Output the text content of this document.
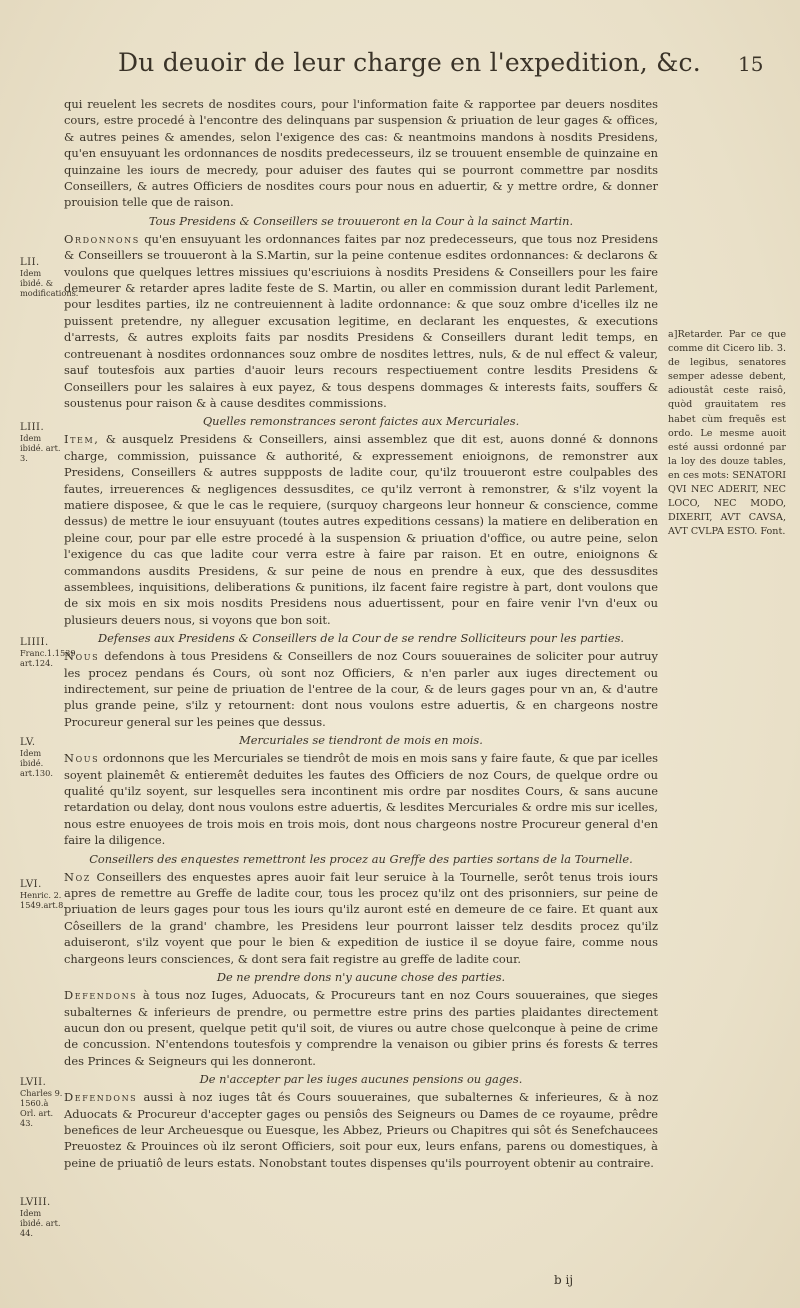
Du deuoir de leur charge en l'expedition, &c. 15

qui reuelent les secrets de nosdites cours, pour l'information faite & rapportee par deuers nosdites cours, estre procedé à l'encontre des delinquans par suspension & priuation de leur gages & offices, & autres peines & amendes, selon l'exigence des cas: & neantmoins mandons à nosdits Presidens, qu'en ensuyuant les ordonnances de nosdits predecesseurs, ilz se trouuent ensemble de quinzaine en quinzaine les iours de mecredy, pour aduiser des fautes qui se pourront commettre par nosdits Conseillers, & autres Officiers de nosdites cours pour nous en aduertir, & y mettre ordre, & donner prouision telle que de raison.

Tous Presidens & Conseillers se trouueront en la Cour à la sainct Martin.

Ordonnons qu'en ensuyuant les ordonnances faites par noz predecesseurs, que tous noz Presidens & Conseillers se trouueront à la S.Martin, sur la peine contenue esdites ordonnances: & declarons & voulons que quelques lettres missiues qu'escriuions à nosdits Presidens & Conseillers pour les faire demeurer & retarder apres ladite feste de S. Martin, ou aller en commission durant ledit Parlement, pour lesdites parties, ilz ne contreuiennent à ladite ordonnance: & que souz ombre d'icelles ilz ne puissent pretendre, ny alleguer excusation legitime, en declarant les enquestes, & executions d'arrests, & autres exploits faits par nosdits Presidens & Conseillers durant ledit temps, en contreuenant à nosdites ordonnances souz ombre de nosdites lettres, nuls, & de nul effect & valeur, sauf toutesfois aux parties d'auoir leurs recours respectiuement contre lesdits Presidens & Conseillers pour les salaires à eux payez, & tous despens dommages & interests faits, souffers & soustenus pour raison & à cause desdites commissions.

Quelles remonstrances seront faictes aux Mercuriales.

Item, & ausquelz Presidens & Conseillers, ainsi assemblez que dit est, auons donné & donnons charge, commission, puissance & authorité, & expressement enioignons, de remonstrer aux Presidens, Conseillers & autres suppposts de ladite cour, qu'ilz trouueront estre coulpables des fautes, irreuerences & negligences dessusdites, ce qu'ilz verront à remonstrer, & s'ilz voyent la matiere disposee, & que le cas le requiere, (surquoy chargeons leur honneur & conscience, comme dessus) de mettre le iour ensuyuant (toutes autres expeditions cessans) la matiere en deliberation en pleine cour, pour par elle estre procedé à la suspension & priuation d'office, ou autre peine, selon l'exigence du cas que ladite cour verra estre à faire par raison. Et en outre, enioignons & commandons ausdits Presidens, & sur peine de nous en prendre à eux, que des dessusdites assemblees, inquisitions, deliberations & punitions, ilz facent faire registre à part, dont voulons que de six mois en six mois nosdits Presidens nous aduertissent, pour en faire venir l'vn d'eux ou plusieurs deuers nous, si voyons que bon soit.

Defenses aux Presidens & Conseillers de la Cour de se rendre Solliciteurs pour les parties.

Nous defendons à tous Presidens & Conseillers de noz Cours souueraines de soliciter pour autruy les procez pendans és Cours, où sont noz Officiers, & n'en parler aux iuges directement ou indirectement, sur peine de priuation de l'entree de la cour, & de leurs gages pour vn an, & d'autre plus grande peine, s'ilz y retournent: dont nous voulons estre aduertis, & en chargeons nostre Procureur general sur les peines que dessus.

Mercuriales se tiendront de mois en mois.

Nous ordonnons que les Mercuriales se tiendrôt de mois en mois sans y faire faute, & que par icelles soyent plainemêt & entieremêt deduites les fautes des Officiers de noz Cours, de quelque ordre ou qualité qu'ilz soyent, sur lesquelles sera incontinent mis ordre par nosdites Cours, & sans aucune retardation ou delay, dont nous voulons estre aduertis, & lesdites Mercuriales & ordre mis sur icelles, nous estre enuoyees de trois mois en trois mois, dont nous chargeons nostre Procureur general d'en faire la diligence.

Conseillers des enquestes remettront les procez au Greffe des parties sortans de la Tournelle.

Noz Conseillers des enquestes apres auoir fait leur seruice à la Tournelle, serôt tenus trois iours apres de remettre au Greffe de ladite cour, tous les procez qu'ilz ont des prisonniers, sur peine de priuation de leurs gages pour tous les iours qu'ilz auront esté en demeure de ce faire. Et quant aux Côseillers de la grand' chambre, les Presidens leur pourront laisser telz desdits procez qu'ilz aduiseront, s'ilz voyent que pour le bien & expedition de iustice il se doyue faire, comme nous chargeons leurs consciences, & dont sera fait registre au greffe de ladite cour.

De ne prendre dons n'y aucune chose des parties.

Defendons à tous noz Iuges, Aduocats, & Procureurs tant en noz Cours souueraines, que sieges subalternes & inferieurs de prendre, ou permettre estre prins des parties plaidantes directement aucun don ou present, quelque petit qu'il soit, de viures ou autre chose quelconque à peine de crime de concussion. N'entendons toutesfois y comprendre la venaison ou gibier prins és forests & terres des Princes & Seigneurs qui les donneront.

De n'accepter par les iuges aucunes pensions ou gages.

Defendons aussi à noz iuges tât és Cours souueraines, que subalternes & inferieures, & à noz Aduocats & Procureur d'accepter gages ou pensiôs des Seigneurs ou Dames de ce royaume, prêdre benefices de leur Archeuesque ou Euesque, les Abbez, Prieurs ou Chapitres qui sôt és Senefchaucees Preuostez & Prouinces où ilz seront Officiers, soit pour eux, leurs enfans, parens ou domestiques, à peine de priuatiô de leurs estats. Nonobstant toutes dispenses qu'ils pourroyent obtenir au contraire.

LII.
Idem ibidé. & modifications.
LIII.
Idem ibidé. art. 3.
LIIII.
Franc.1.1539. art.124.
LV.
Idem ibidé. art.130.
LVI.
Henric. 2. 1549.art.8.
LVII.
Charles 9. 1560.à Orl. art. 43.
LVIII.
Idem ibidé. art. 44.
a]Retarder. Par ce que comme dit Cicero lib. 3. de legibus, senatores semper adesse debent, adioustât ceste raisô, quòd grauitatem res habet cùm frequẽs est ordo. Le mesme auoit esté aussi ordonné par la loy des douze tables, en ces mots: SENATORI QVI NEC ADERIT, NEC LOCO, NEC MODO, DIXERIT, AVT CAVSA, AVT CVLPA ESTO. Font.
b ij
